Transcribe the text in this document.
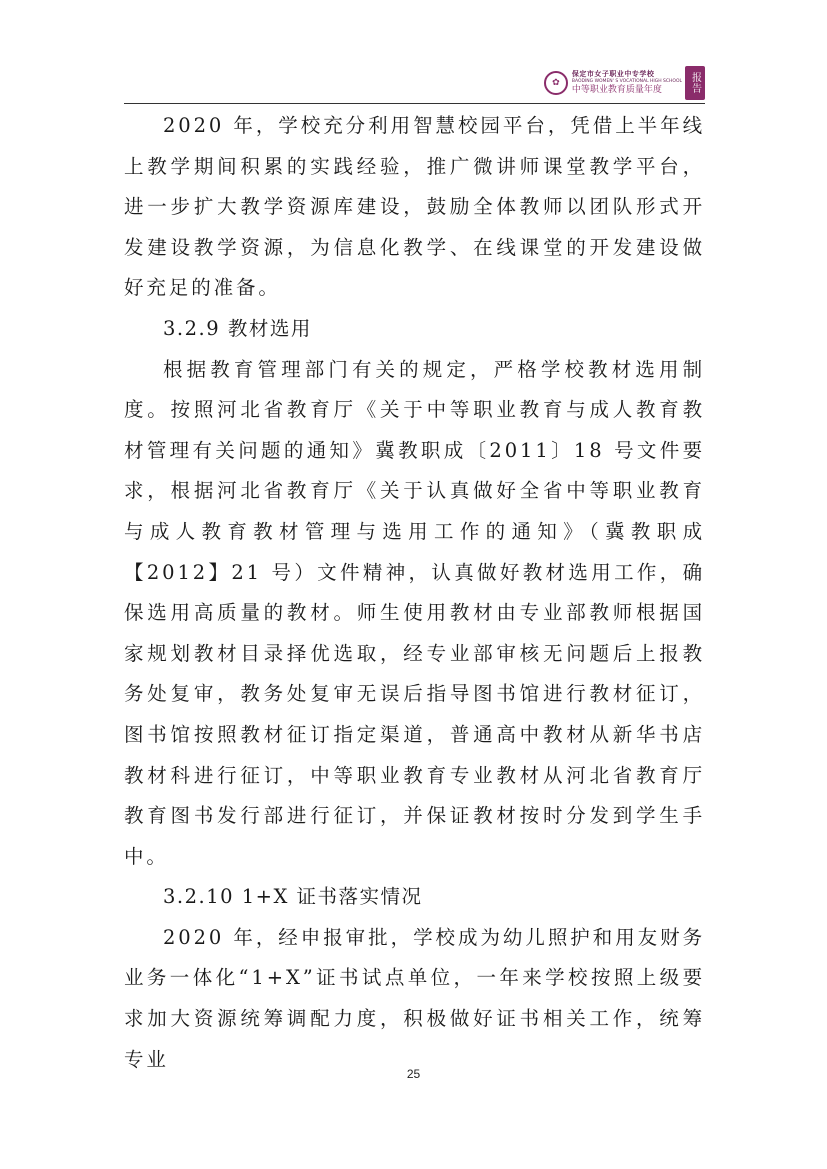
✿
保定市女子职业中专学校
BAODING WOMEN' S VOCATIONAL HIGH SCHOOL
中等职业教育质量年度	报告

2020 年，学校充分利用智慧校园平台，凭借上半年线上教学期间积累的实践经验，推广微讲师课堂教学平台，进一步扩大教学资源库建设，鼓励全体教师以团队形式开发建设教学资源，为信息化教学、在线课堂的开发建设做好充足的准备。

3.2.9 教材选用

根据教育管理部门有关的规定，严格学校教材选用制度。按照河北省教育厅《关于中等职业教育与成人教育教材管理有关问题的通知》冀教职成〔2011〕18 号文件要求，根据河北省教育厅《关于认真做好全省中等职业教育与成人教育教材管理与选用工作的通知》（冀教职成【2012】21 号）文件精神，认真做好教材选用工作，确保选用高质量的教材。师生使用教材由专业部教师根据国家规划教材目录择优选取，经专业部审核无问题后上报教务处复审，教务处复审无误后指导图书馆进行教材征订，图书馆按照教材征订指定渠道，普通高中教材从新华书店教材科进行征订，中等职业教育专业教材从河北省教育厅教育图书发行部进行征订，并保证教材按时分发到学生手中。

3.2.10 1+X 证书落实情况

2020 年，经申报审批，学校成为幼儿照护和用友财务业务一体化“1+X”证书试点单位，一年来学校按照上级要求加大资源统筹调配力度，积极做好证书相关工作，统筹专业

25
